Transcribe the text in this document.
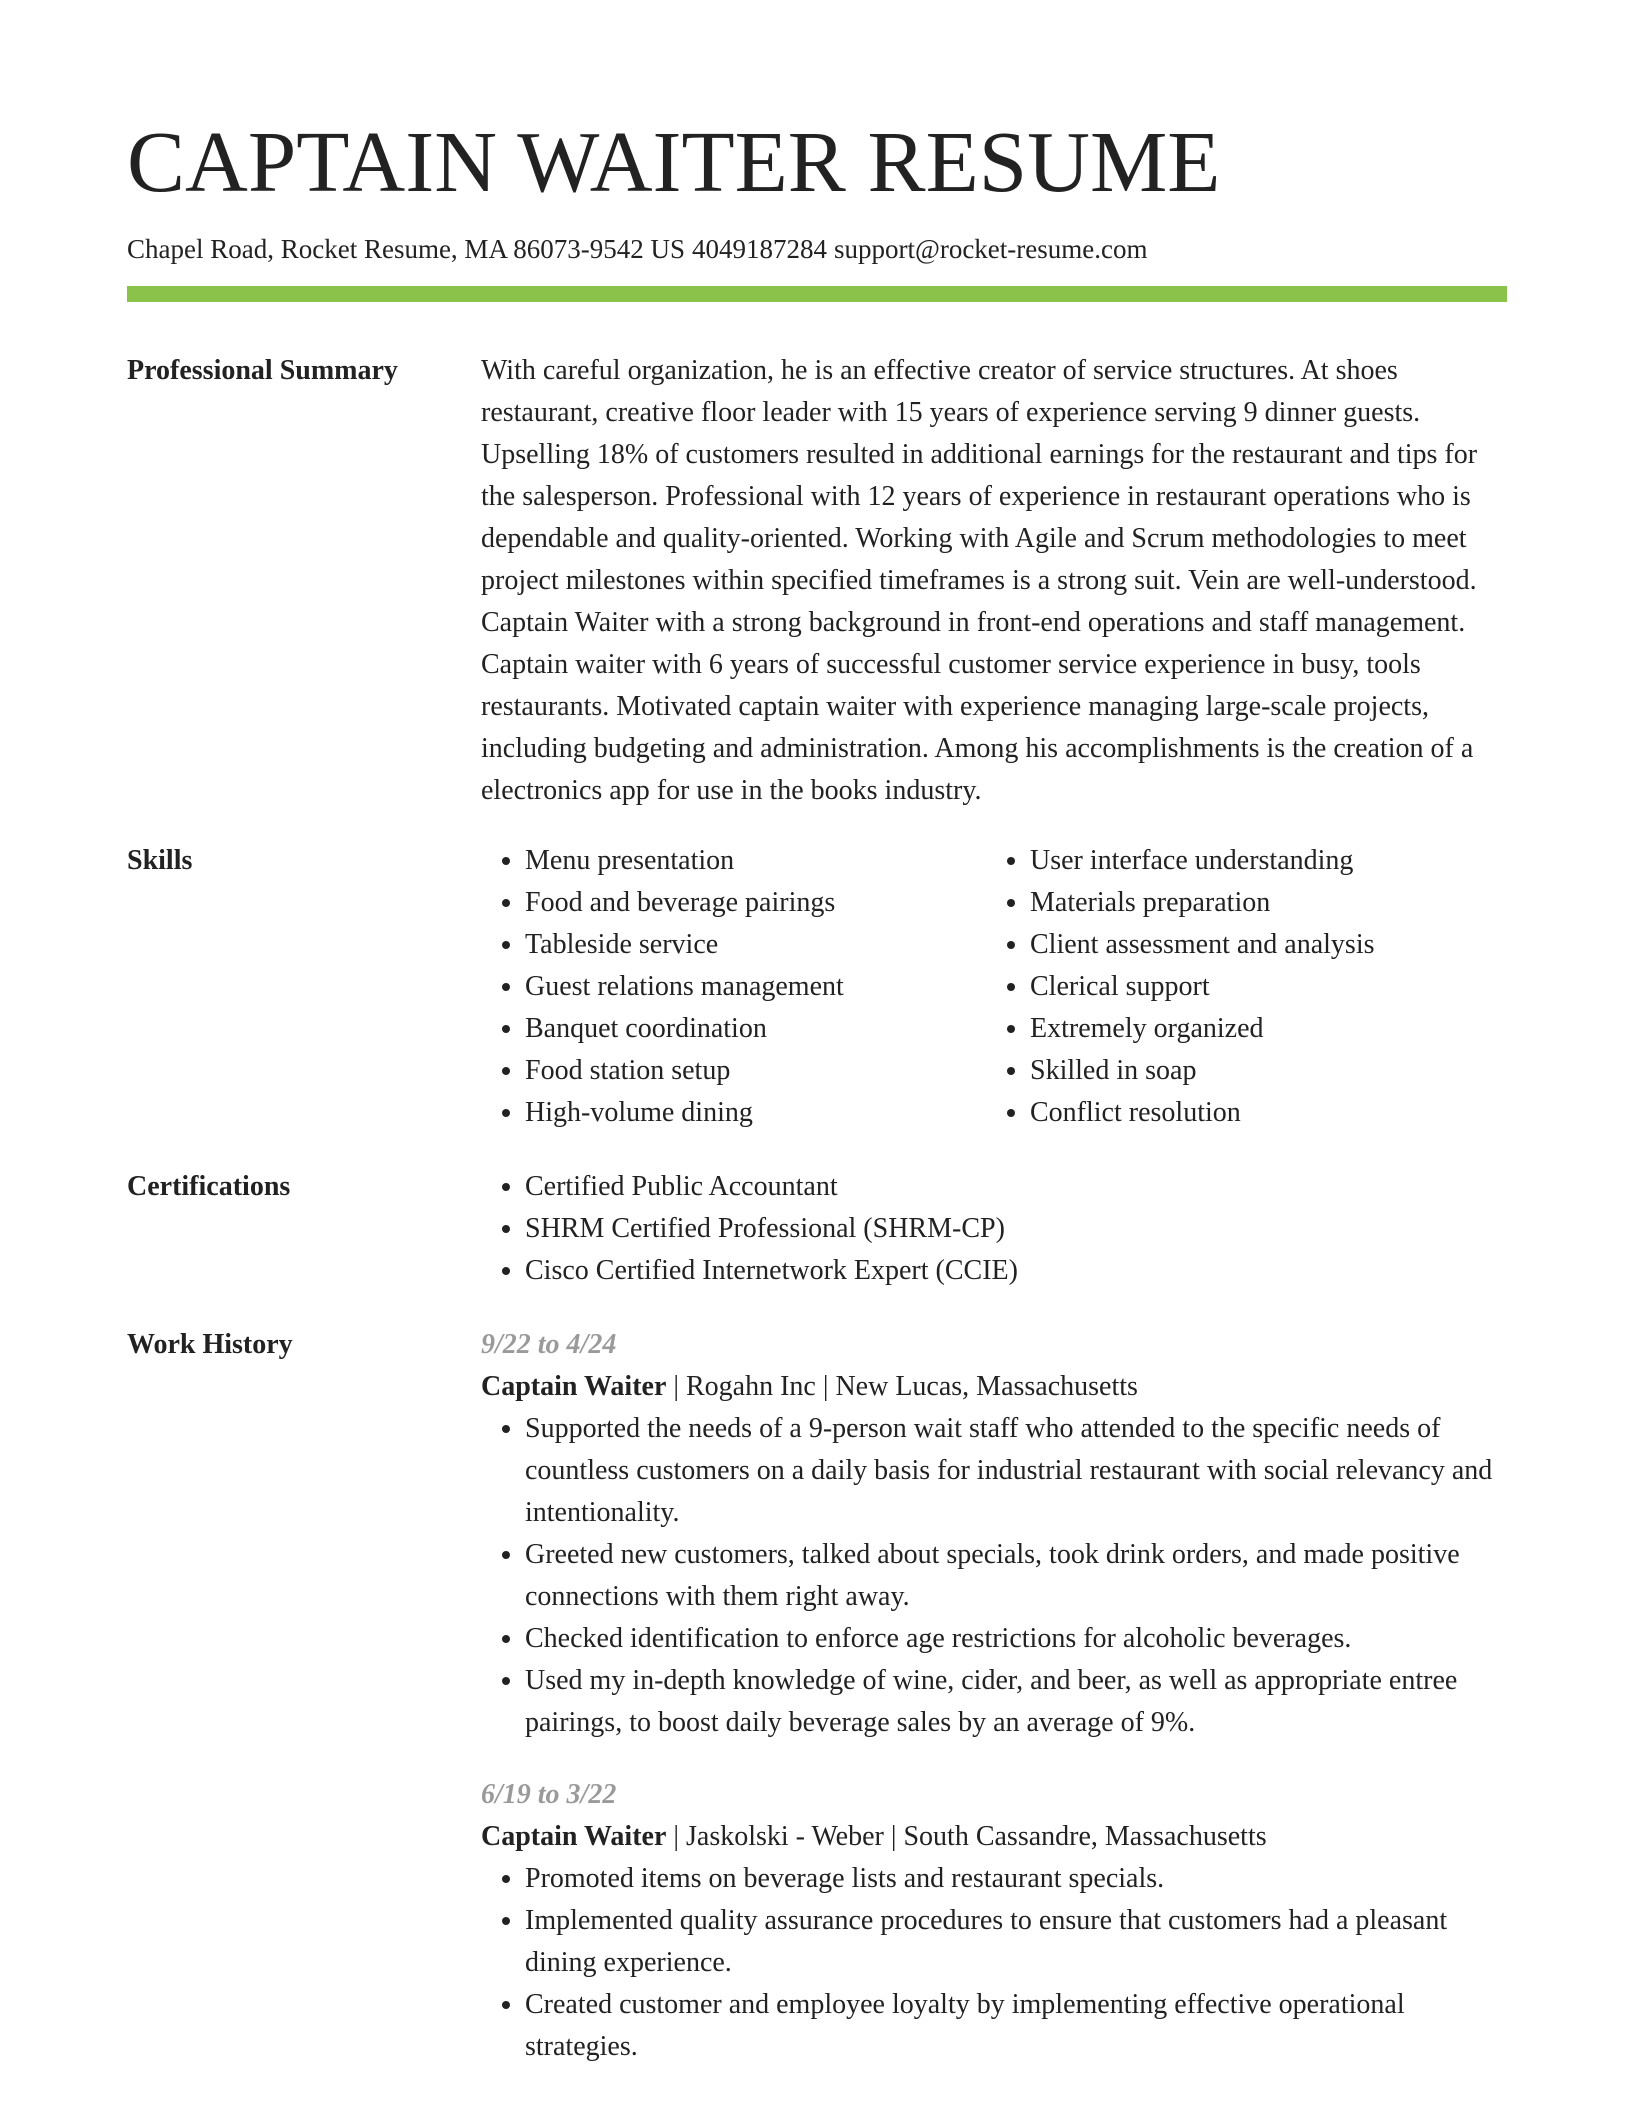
CAPTAIN WAITER RESUME
Chapel Road, Rocket Resume, MA 86073-9542 US 4049187284 support@rocket-resume.com
Professional Summary	With careful organization, he is an effective creator of service structures. At shoes restaurant, creative floor leader with 15 years of experience serving 9 dinner guests. Upselling 18% of customers resulted in additional earnings for the restaurant and tips for the salesperson. Professional with 12 years of experience in restaurant operations who is dependable and quality-oriented. Working with Agile and Scrum methodologies to meet project milestones within specified timeframes is a strong suit. Vein are well-understood. Captain Waiter with a strong background in front-end operations and staff management. Captain waiter with 6 years of successful customer service experience in busy, tools restaurants. Motivated captain waiter with experience managing large-scale projects, including budgeting and administration. Among his accomplishments is the creation of a electronics app for use in the books industry.

Skills	• Menu presentation
• Food and beverage pairings
• Tableside service
• Guest relations management
• Banquet coordination
• Food station setup
• High-volume dining
• User interface understanding
• Materials preparation
• Client assessment and analysis
• Clerical support
• Extremely organized
• Skilled in soap
• Conflict resolution
Certifications	• Certified Public Accountant
• SHRM Certified Professional (SHRM-CP)
• Cisco Certified Internetwork Expert (CCIE)
Work History	9/22 to 4/24
Captain Waiter | Rogahn Inc | New Lucas, Massachusetts
• Supported the needs of a 9-person wait staff who attended to the specific needs of countless customers on a daily basis for industrial restaurant with social relevancy and intentionality.
• Greeted new customers, talked about specials, took drink orders, and made positive connections with them right away.
• Checked identification to enforce age restrictions for alcoholic beverages.
• Used my in-depth knowledge of wine, cider, and beer, as well as appropriate entree pairings, to boost daily beverage sales by an average of 9%.
6/19 to 3/22
Captain Waiter | Jaskolski - Weber | South Cassandre, Massachusetts
• Promoted items on beverage lists and restaurant specials.
• Implemented quality assurance procedures to ensure that customers had a pleasant dining experience.
• Created customer and employee loyalty by implementing effective operational strategies.
